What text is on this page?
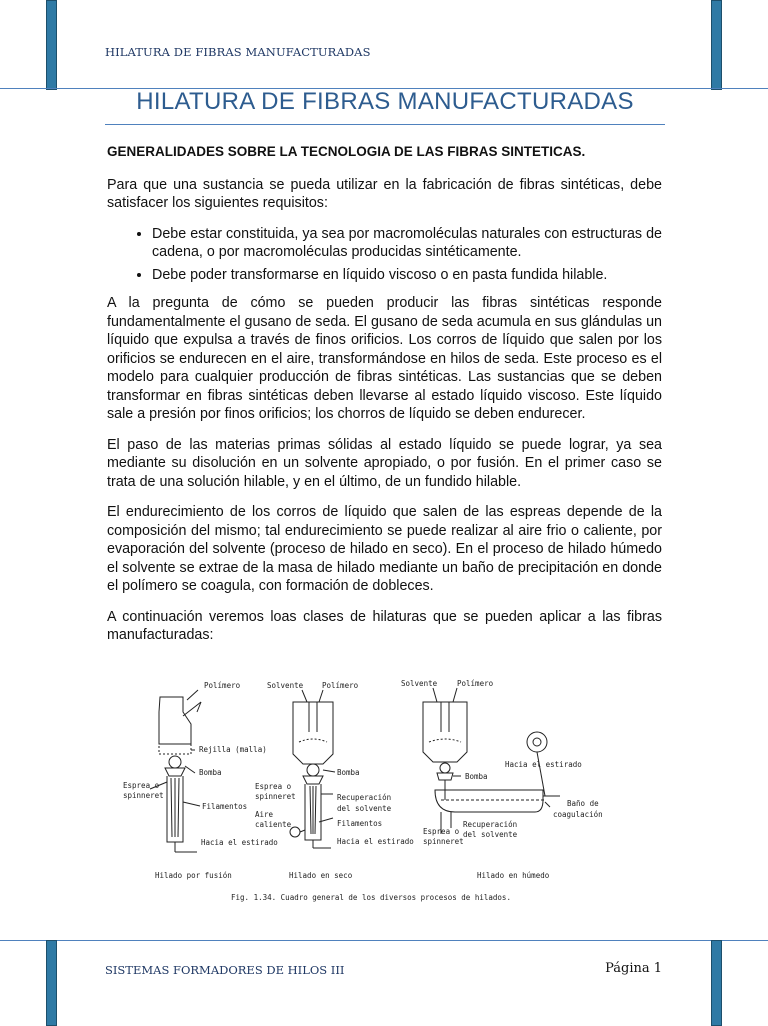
HILATURA DE FIBRAS MANUFACTURADAS
HILATURA DE FIBRAS MANUFACTURADAS
GENERALIDADES SOBRE LA TECNOLOGIA DE LAS FIBRAS SINTETICAS.

Para que una sustancia se pueda utilizar en la fabricación de fibras sintéticas, debe satisfacer los siguientes requisitos:

• Debe estar constituida, ya sea por macromoléculas naturales con estructuras de cadena, o por macromoléculas producidas sintéticamente.
• Debe poder transformarse en líquido viscoso o en pasta fundida hilable.

A la pregunta de cómo se pueden producir las fibras sintéticas responde fundamentalmente el gusano de seda. El gusano de seda acumula en sus glándulas un líquido que expulsa a través de finos orificios. Los corros de líquido que salen por los orificios se endurecen en el aire, transformándose en hilos de seda. Este proceso es el modelo para cualquier producción de fibras sintéticas. Las sustancias que se deben transformar en fibras sintéticas deben llevarse al estado líquido viscoso. Este líquido sale a presión por finos orificios; los chorros de líquido se deben endurecer.

El paso de las materias primas sólidas al estado líquido se puede lograr, ya sea mediante su disolución en un solvente apropiado, o por fusión. En el primer caso se trata de una solución hilable, y en el último, de un fundido hilable.

El endurecimiento de los corros de líquido que salen de las espreas depende de la composición del mismo; tal endurecimiento se puede realizar al aire frio o caliente, por evaporación del solvente (proceso de hilado en seco). En el proceso de hilado húmedo el solvente se extrae de la masa de hilado mediante un baño de precipitación en donde el polímero se coagula, con formación de dobleces.

A continuación veremos loas clases de hilaturas que se pueden aplicar a las fibras manufacturadas:

Polímero
Rejilla (malla)
Bomba
Esprea o
spinneret
Filamentos
Hacia el estirado
Hilado por fusión
Solvente	Polímero
Bomba
Esprea o
spinneret
Aire
caliente
Recuperación
del solvente
Filamentos
Hacia el estirado
Hilado en seco
Solvente	Polímero
Bomba
Hacia el estirado
Baño de
coagulación
Esprea o
spinneret
Recuperación
del solvente
Hilado en húmedo
Fig. 1.34. Cuadro general de los diversos procesos de hilados.
SISTEMAS FORMADORES DE HILOS III	Página 1
